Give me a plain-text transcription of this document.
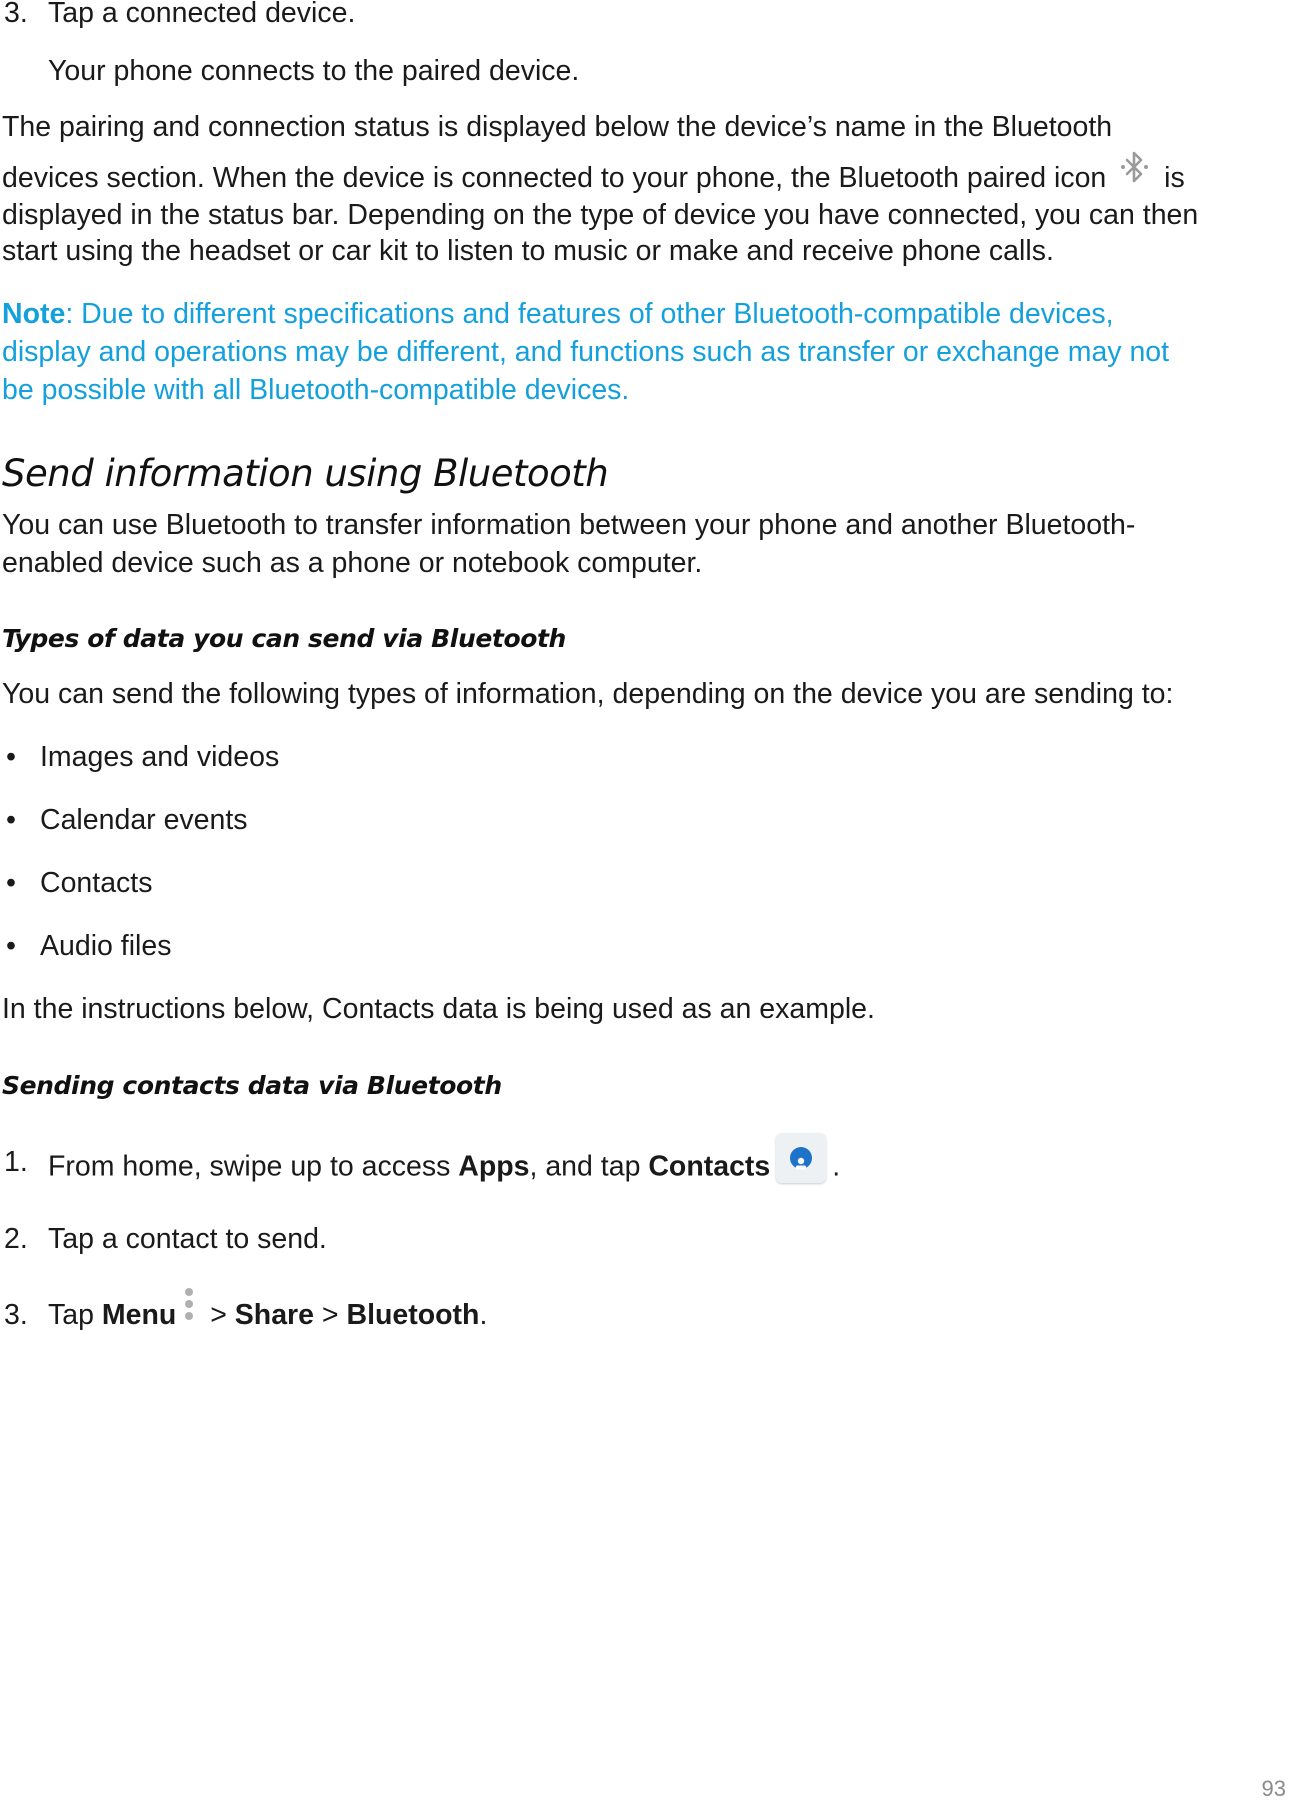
3. Tap a connected device.

Your phone connects to the paired device.

The pairing and connection status is displayed below the device’s name in the Bluetooth

devices section. When the device is connected to your phone, the Bluetooth paired icon is

displayed in the status bar. Depending on the type of device you have connected, you can then

start using the headset or car kit to listen to music or make and receive phone calls.

Note: Due to different specifications and features of other Bluetooth-compatible devices,

display and operations may be different, and functions such as transfer or exchange may not

be possible with all Bluetooth-compatible devices.

Send information using Bluetooth

You can use Bluetooth to transfer information between your phone and another Bluetooth-

enabled device such as a phone or notebook computer.

Types of data you can send via Bluetooth

You can send the following types of information, depending on the device you are sending to:

• Images and videos

• Calendar events

• Contacts

• Audio files

In the instructions below, Contacts data is being used as an example.

Sending contacts data via Bluetooth
1. From home, swipe up to access Apps, and tap Contacts .

2. Tap a contact to send.

3. Tap Menu > Share > Bluetooth.

93
